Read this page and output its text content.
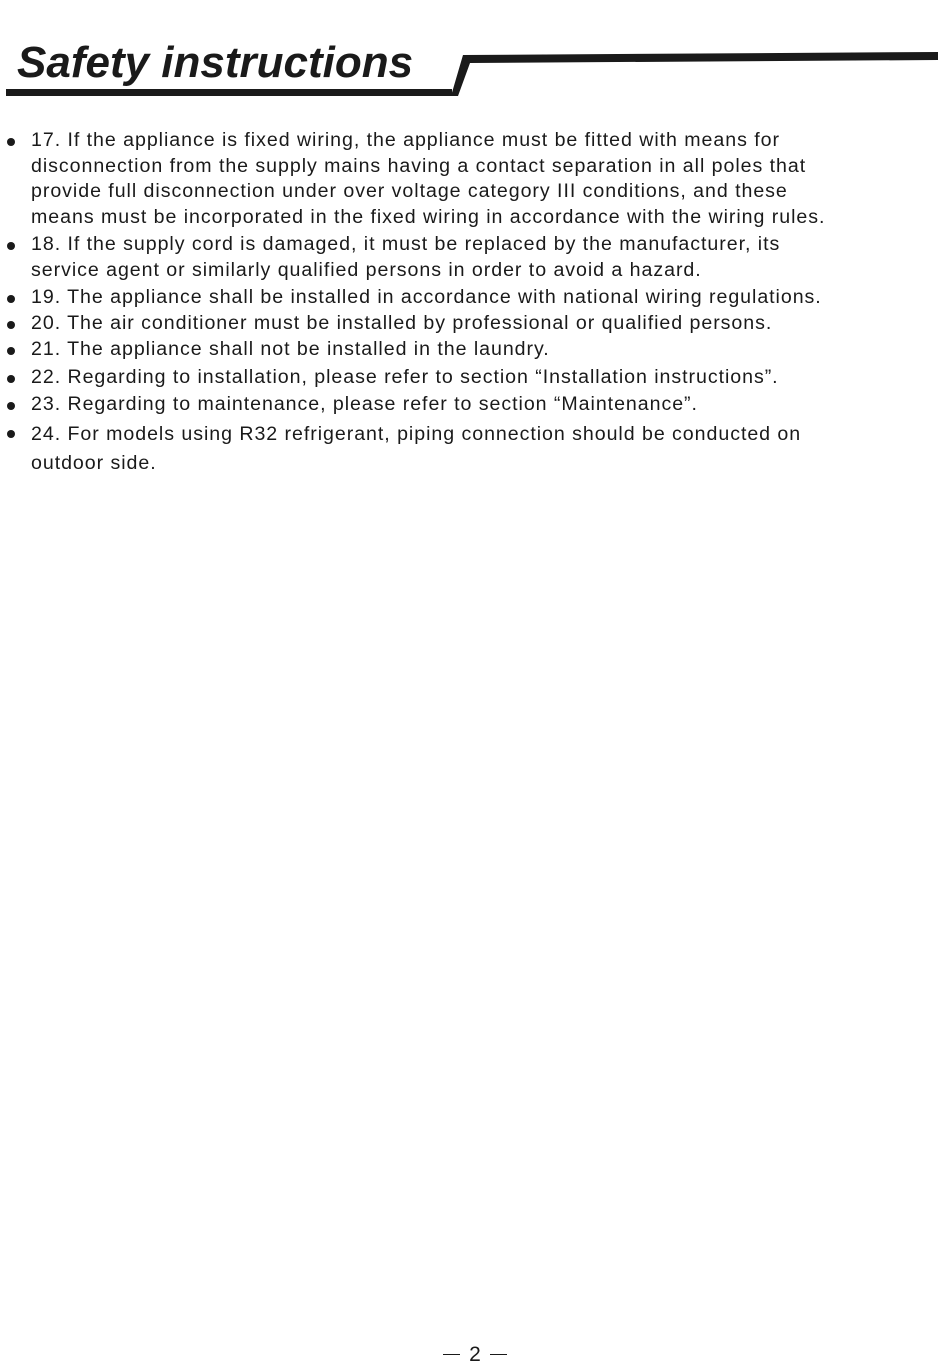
Safety instructions
17. If the appliance is fixed wiring, the appliance must be fitted with means for
disconnection from the supply mains having a contact separation in all poles that
provide full disconnection under over voltage category III conditions, and these
means must be incorporated in the fixed wiring in accordance with the wiring rules.
18. If the supply cord is damaged, it must be replaced by the manufacturer, its
service agent or similarly qualified persons in order to avoid a hazard.
19. The appliance shall be installed in accordance with national wiring regulations.
20. The air conditioner must be installed by professional or qualified persons.
21. The appliance shall not be installed in the laundry.
22. Regarding to installation, please refer to section “Installation instructions”.
23. Regarding to maintenance, please refer to section “Maintenance”.
24. For models using R32 refrigerant, piping connection should be conducted on
outdoor side.
2
